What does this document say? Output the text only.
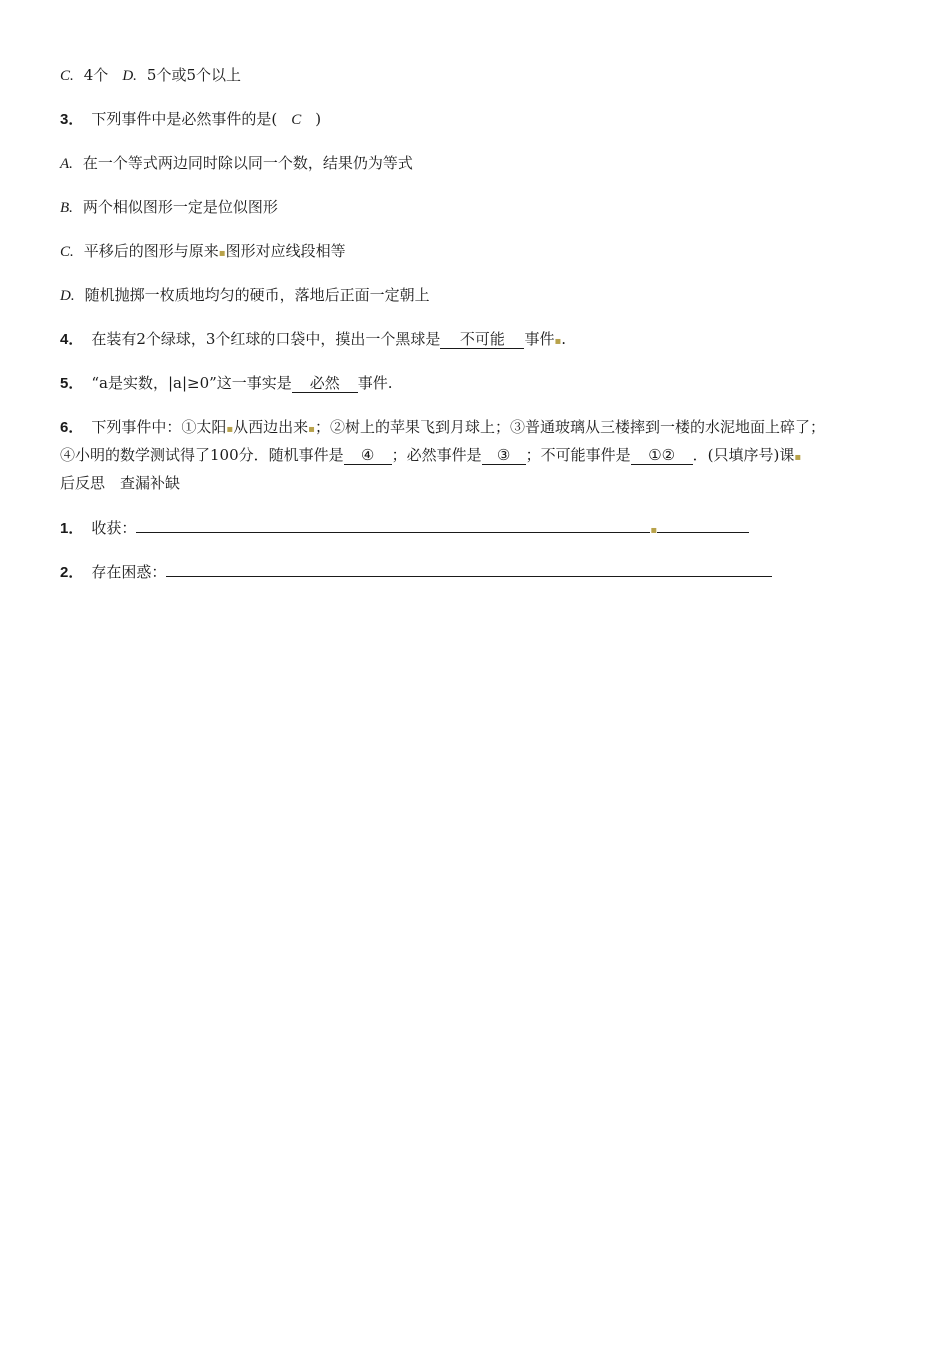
C. 4个 D. 5个或5个以上
3． 下列事件中是必然事件的是( C )
A. 在一个等式两边同时除以同一个数，结果仍为等式
B. 两个相似图形一定是位似图形
C. 平移后的图形与原来▪图形对应线段相等
D. 随机抛掷一枚质地均匀的硬币，落地后正面一定朝上
4． 在装有2个绿球，3个红球的口袋中，摸出一个黑球是 不可能 事件▪.
5． “a是实数，|a|≥0”这一事实是 必然 事件.
6． 下列事件中：①太阳▪从西边出来▪；②树上的苹果飞到月球上；③普通玻璃从三楼摔到一楼的水泥地面上碎了；
④小明的数学测试得了100分．随机事件是 ④ ；必然事件是 ③ ；不可能事件是 ①② ．(只填序号)课▪
后反思　查漏补缺
1． 收获：	▪
2． 存在困惑：
